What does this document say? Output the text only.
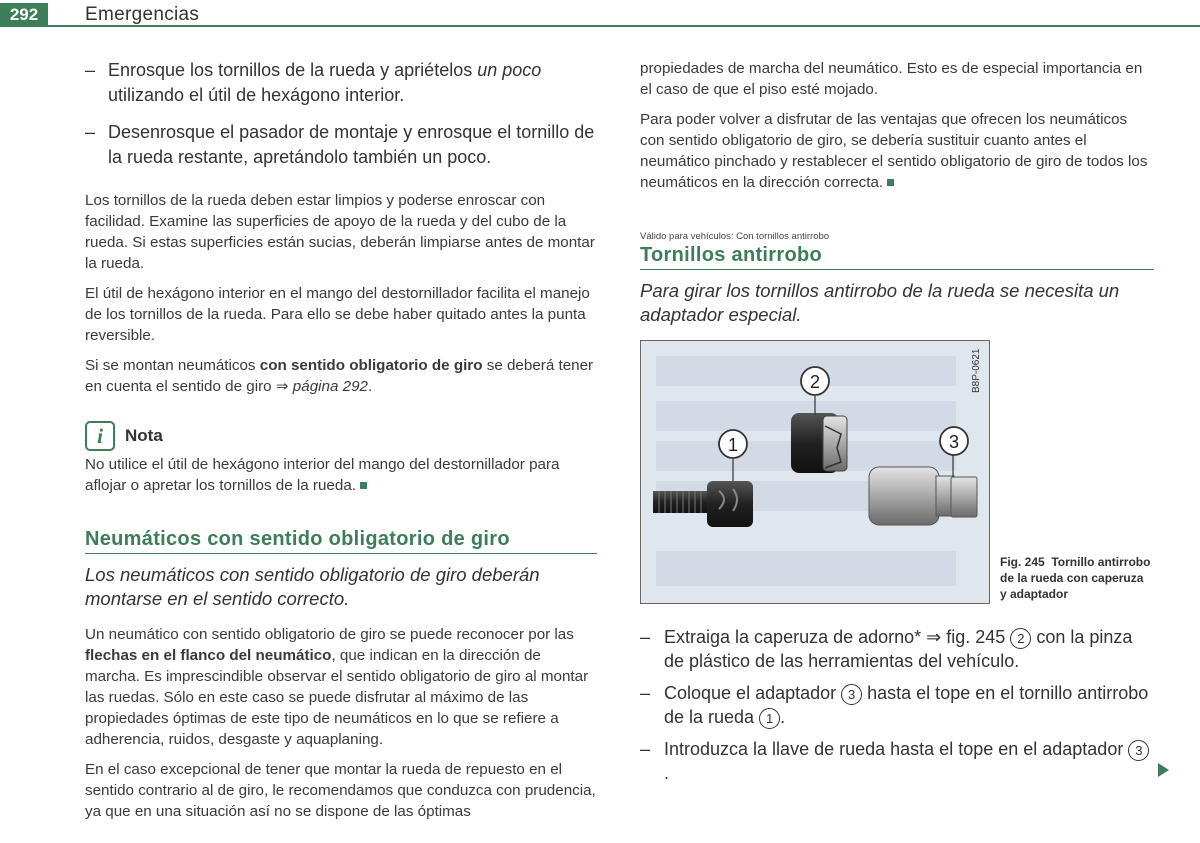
292	Emergencias
– Enrosque los tornillos de la rueda y apriételos un poco utilizando el útil de hexágono interior.
– Desenrosque el pasador de montaje y enrosque el tornillo de la rueda restante, apretándolo también un poco.

Los tornillos de la rueda deben estar limpios y poderse enroscar con facilidad. Examine las superficies de apoyo de la rueda y del cubo de la rueda. Si estas superficies están sucias, deberán limpiarse antes de montar la rueda.

El útil de hexágono interior en el mango del destornillador facilita el manejo de los tornillos de la rueda. Para ello se debe haber quitado antes la punta reversible.

Si se montan neumáticos con sentido obligatorio de giro se deberá tener en cuenta el sentido de giro ⇒ página 292.

i	Nota

No utilice el útil de hexágono interior del mango del destornillador para aflojar o apretar los tornillos de la rueda.

Neumáticos con sentido obligatorio de giro
Los neumáticos con sentido obligatorio de giro deberán montarse en el sentido correcto.

Un neumático con sentido obligatorio de giro se puede reconocer por las flechas en el flanco del neumático, que indican en la dirección de marcha. Es imprescindible observar el sentido obligatorio de giro al montar las ruedas. Sólo en este caso se puede disfrutar al máximo de las propiedades óptimas de este tipo de neumáticos en lo que se refiere a adherencia, ruidos, desgaste y aquaplaning.

En el caso excepcional de tener que montar la rueda de repuesto en el sentido contrario al de giro, le recomendamos que conduzca con prudencia, ya que en una situación así no se dispone de las óptimas

propiedades de marcha del neumático. Esto es de especial importancia en el caso de que el piso esté mojado.

Para poder volver a disfrutar de las ventajas que ofrecen los neumáticos con sentido obligatorio de giro, se debería sustituir cuanto antes el neumático pinchado y restablecer el sentido obligatorio de giro de todos los neumáticos en la dirección correcta.

Válido para vehículos: Con tornillos antirrobo
Tornillos antirrobo
Para girar los tornillos antirrobo de la rueda se necesita un adaptador especial.
1
2
3
B8P-0621
Fig. 245 Tornillo antirrobo de la rueda con caperuza y adaptador
– Extraiga la caperuza de adorno* ⇒ fig. 245 2 con la pinza de plástico de las herramientas del vehículo.
– Coloque el adaptador 3 hasta el tope en el tornillo antirrobo de la rueda 1 .
– Introduzca la llave de rueda hasta el tope en el adaptador 3.
